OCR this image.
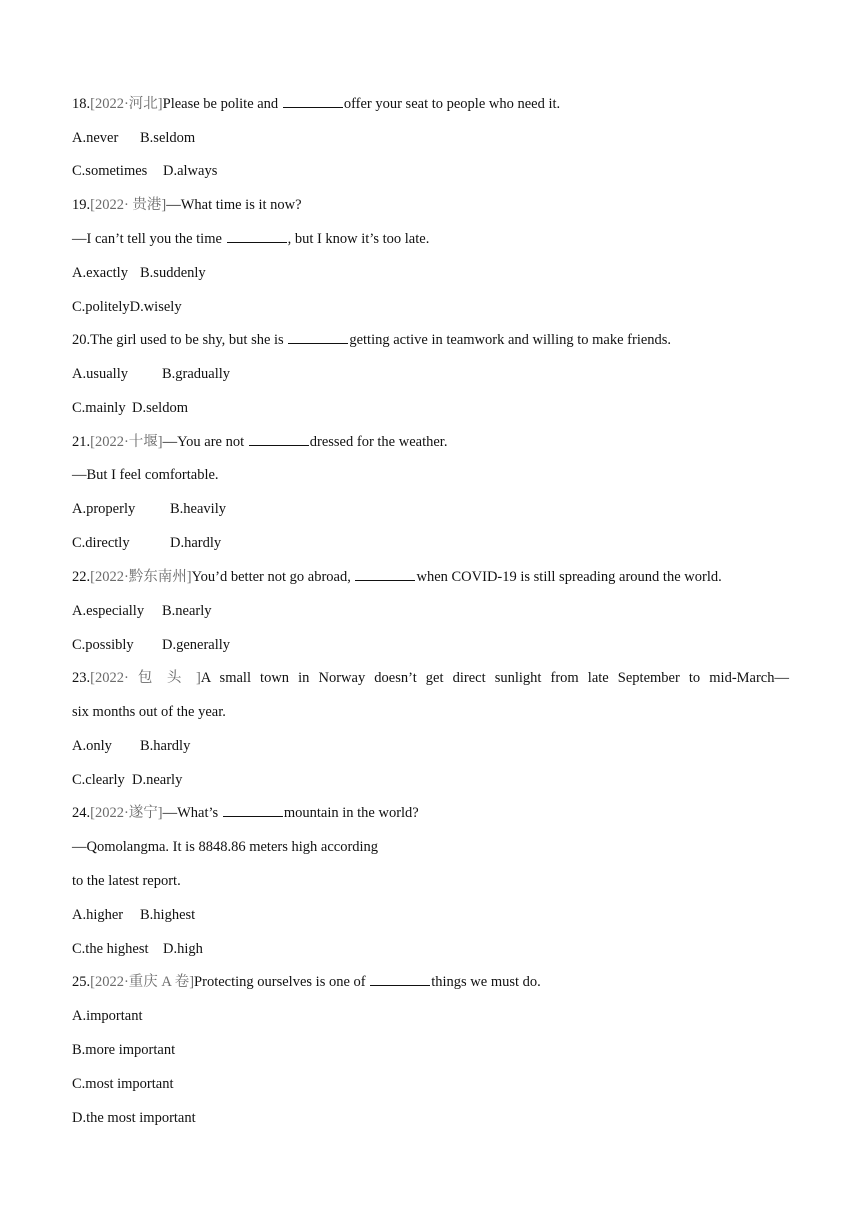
18.[2022·河北]Please be polite and	offer your seat to people who need it.
A.never B.seldom
C.sometimes D.always
19.[2022· 贵港]—What time is it now?
—I can’t tell you the time	, but I know it’s too late.
A.exactly B.suddenly
C.politelyD.wisely
20.The girl used to be shy, but she is	getting active in teamwork and willing to make friends.
A.usually B.gradually
C.mainly D.seldom
21.[2022·十堰]—You are not	dressed for the weather.
—But I feel comfortable.
A.properly B.heavily
C.directly	D.hardly
22.[2022·黔东南州]You’d better not go abroad,	when COVID-19 is still spreading around the world.
A.especially B.nearly
C.possibly D.generally
23.[2022· 包 头 ]A small town in Norway doesn’t get direct sunlight from late September to mid-March—
six months out of the year.
A.only B.hardly
C.clearly D.nearly
24.[2022·遂宁]—What’s	mountain in the world?
—Qomolangma. It is 8848.86 meters high according
to the latest report.
A.higher B.highest
C.the highest D.high
25.[2022·重庆 A 卷]Protecting ourselves is one of	things we must do.
A.important
B.more important
C.most important
D.the most important
